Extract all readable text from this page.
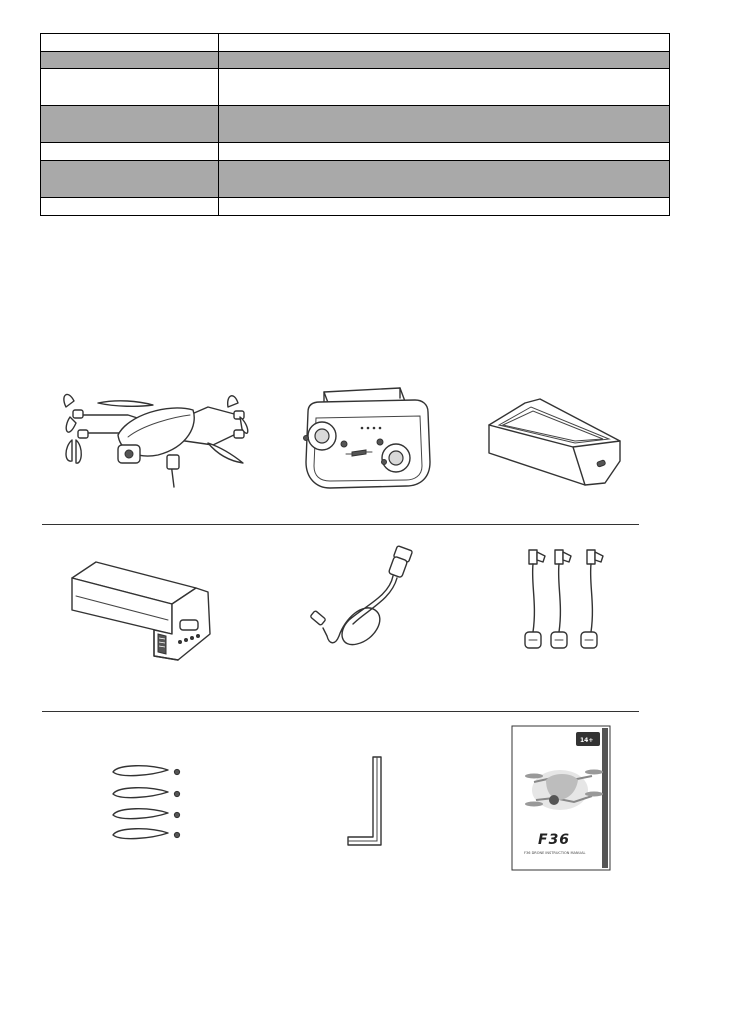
14+
F36
F36 DRONE INSTRUCTION MANUAL
